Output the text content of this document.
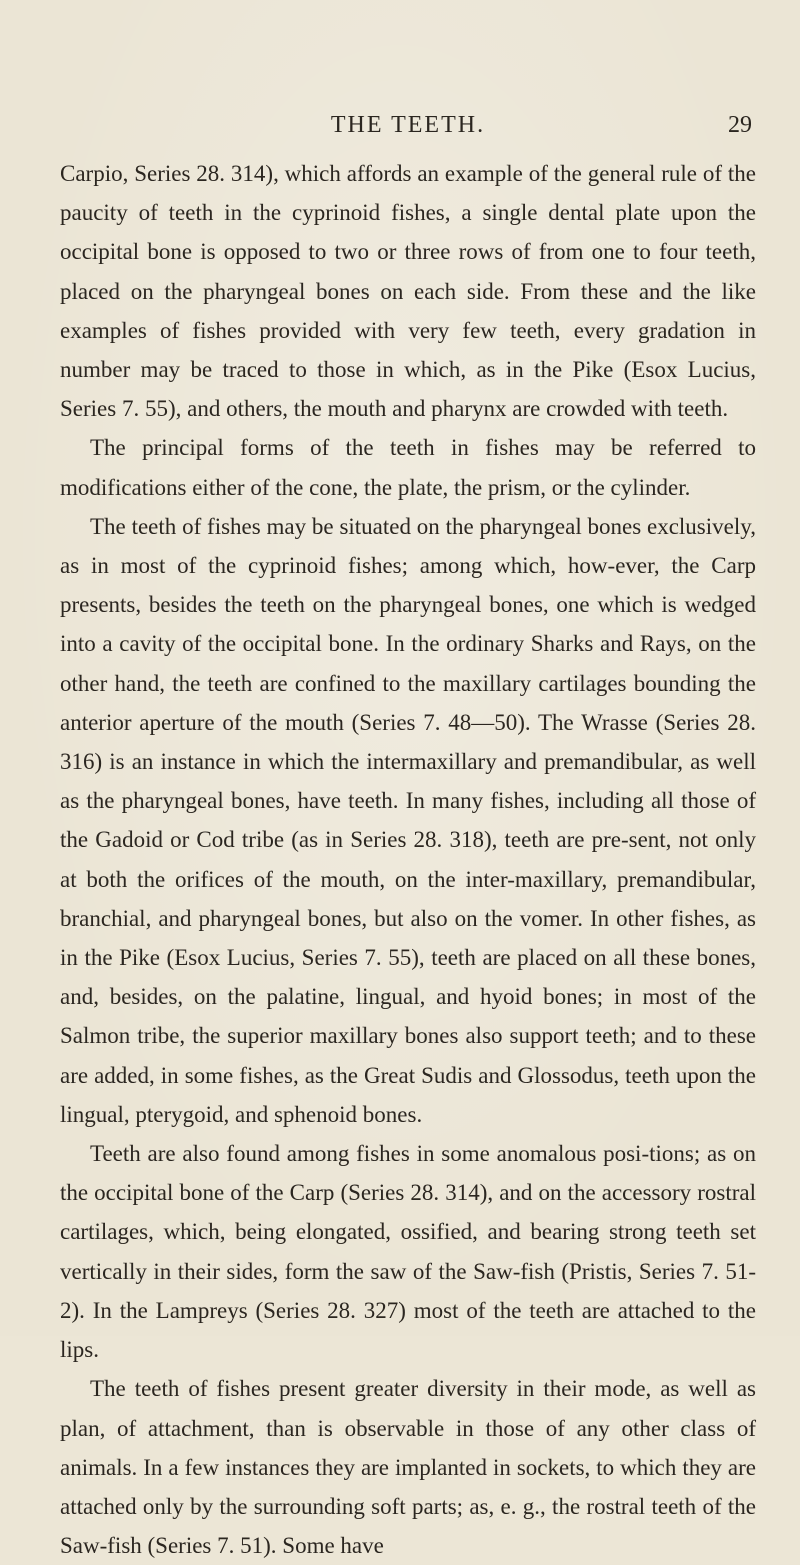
THE TEETH.	29

Carpio, Series 28. 314), which affords an example of the general rule of the paucity of teeth in the cyprinoid fishes, a single dental plate upon the occipital bone is opposed to two or three rows of from one to four teeth, placed on the pharyngeal bones on each side. From these and the like examples of fishes provided with very few teeth, every gradation in number may be traced to those in which, as in the Pike (Esox Lucius, Series 7. 55), and others, the mouth and pharynx are crowded with teeth.

The principal forms of the teeth in fishes may be referred to modifications either of the cone, the plate, the prism, or the cylinder.

The teeth of fishes may be situated on the pharyngeal bones exclusively, as in most of the cyprinoid fishes; among which, how-ever, the Carp presents, besides the teeth on the pharyngeal bones, one which is wedged into a cavity of the occipital bone. In the ordinary Sharks and Rays, on the other hand, the teeth are confined to the maxillary cartilages bounding the anterior aperture of the mouth (Series 7. 48—50). The Wrasse (Series 28. 316) is an instance in which the intermaxillary and premandibular, as well as the pharyngeal bones, have teeth. In many fishes, including all those of the Gadoid or Cod tribe (as in Series 28. 318), teeth are pre-sent, not only at both the orifices of the mouth, on the inter-maxillary, premandibular, branchial, and pharyngeal bones, but also on the vomer. In other fishes, as in the Pike (Esox Lucius, Series 7. 55), teeth are placed on all these bones, and, besides, on the palatine, lingual, and hyoid bones; in most of the Salmon tribe, the superior maxillary bones also support teeth; and to these are added, in some fishes, as the Great Sudis and Glossodus, teeth upon the lingual, pterygoid, and sphenoid bones.

Teeth are also found among fishes in some anomalous posi-tions; as on the occipital bone of the Carp (Series 28. 314), and on the accessory rostral cartilages, which, being elongated, ossified, and bearing strong teeth set vertically in their sides, form the saw of the Saw-fish (Pristis, Series 7. 51-2). In the Lampreys (Series 28. 327) most of the teeth are attached to the lips.

The teeth of fishes present greater diversity in their mode, as well as plan, of attachment, than is observable in those of any other class of animals. In a few instances they are implanted in sockets, to which they are attached only by the surrounding soft parts; as, e. g., the rostral teeth of the Saw-fish (Series 7. 51). Some have
